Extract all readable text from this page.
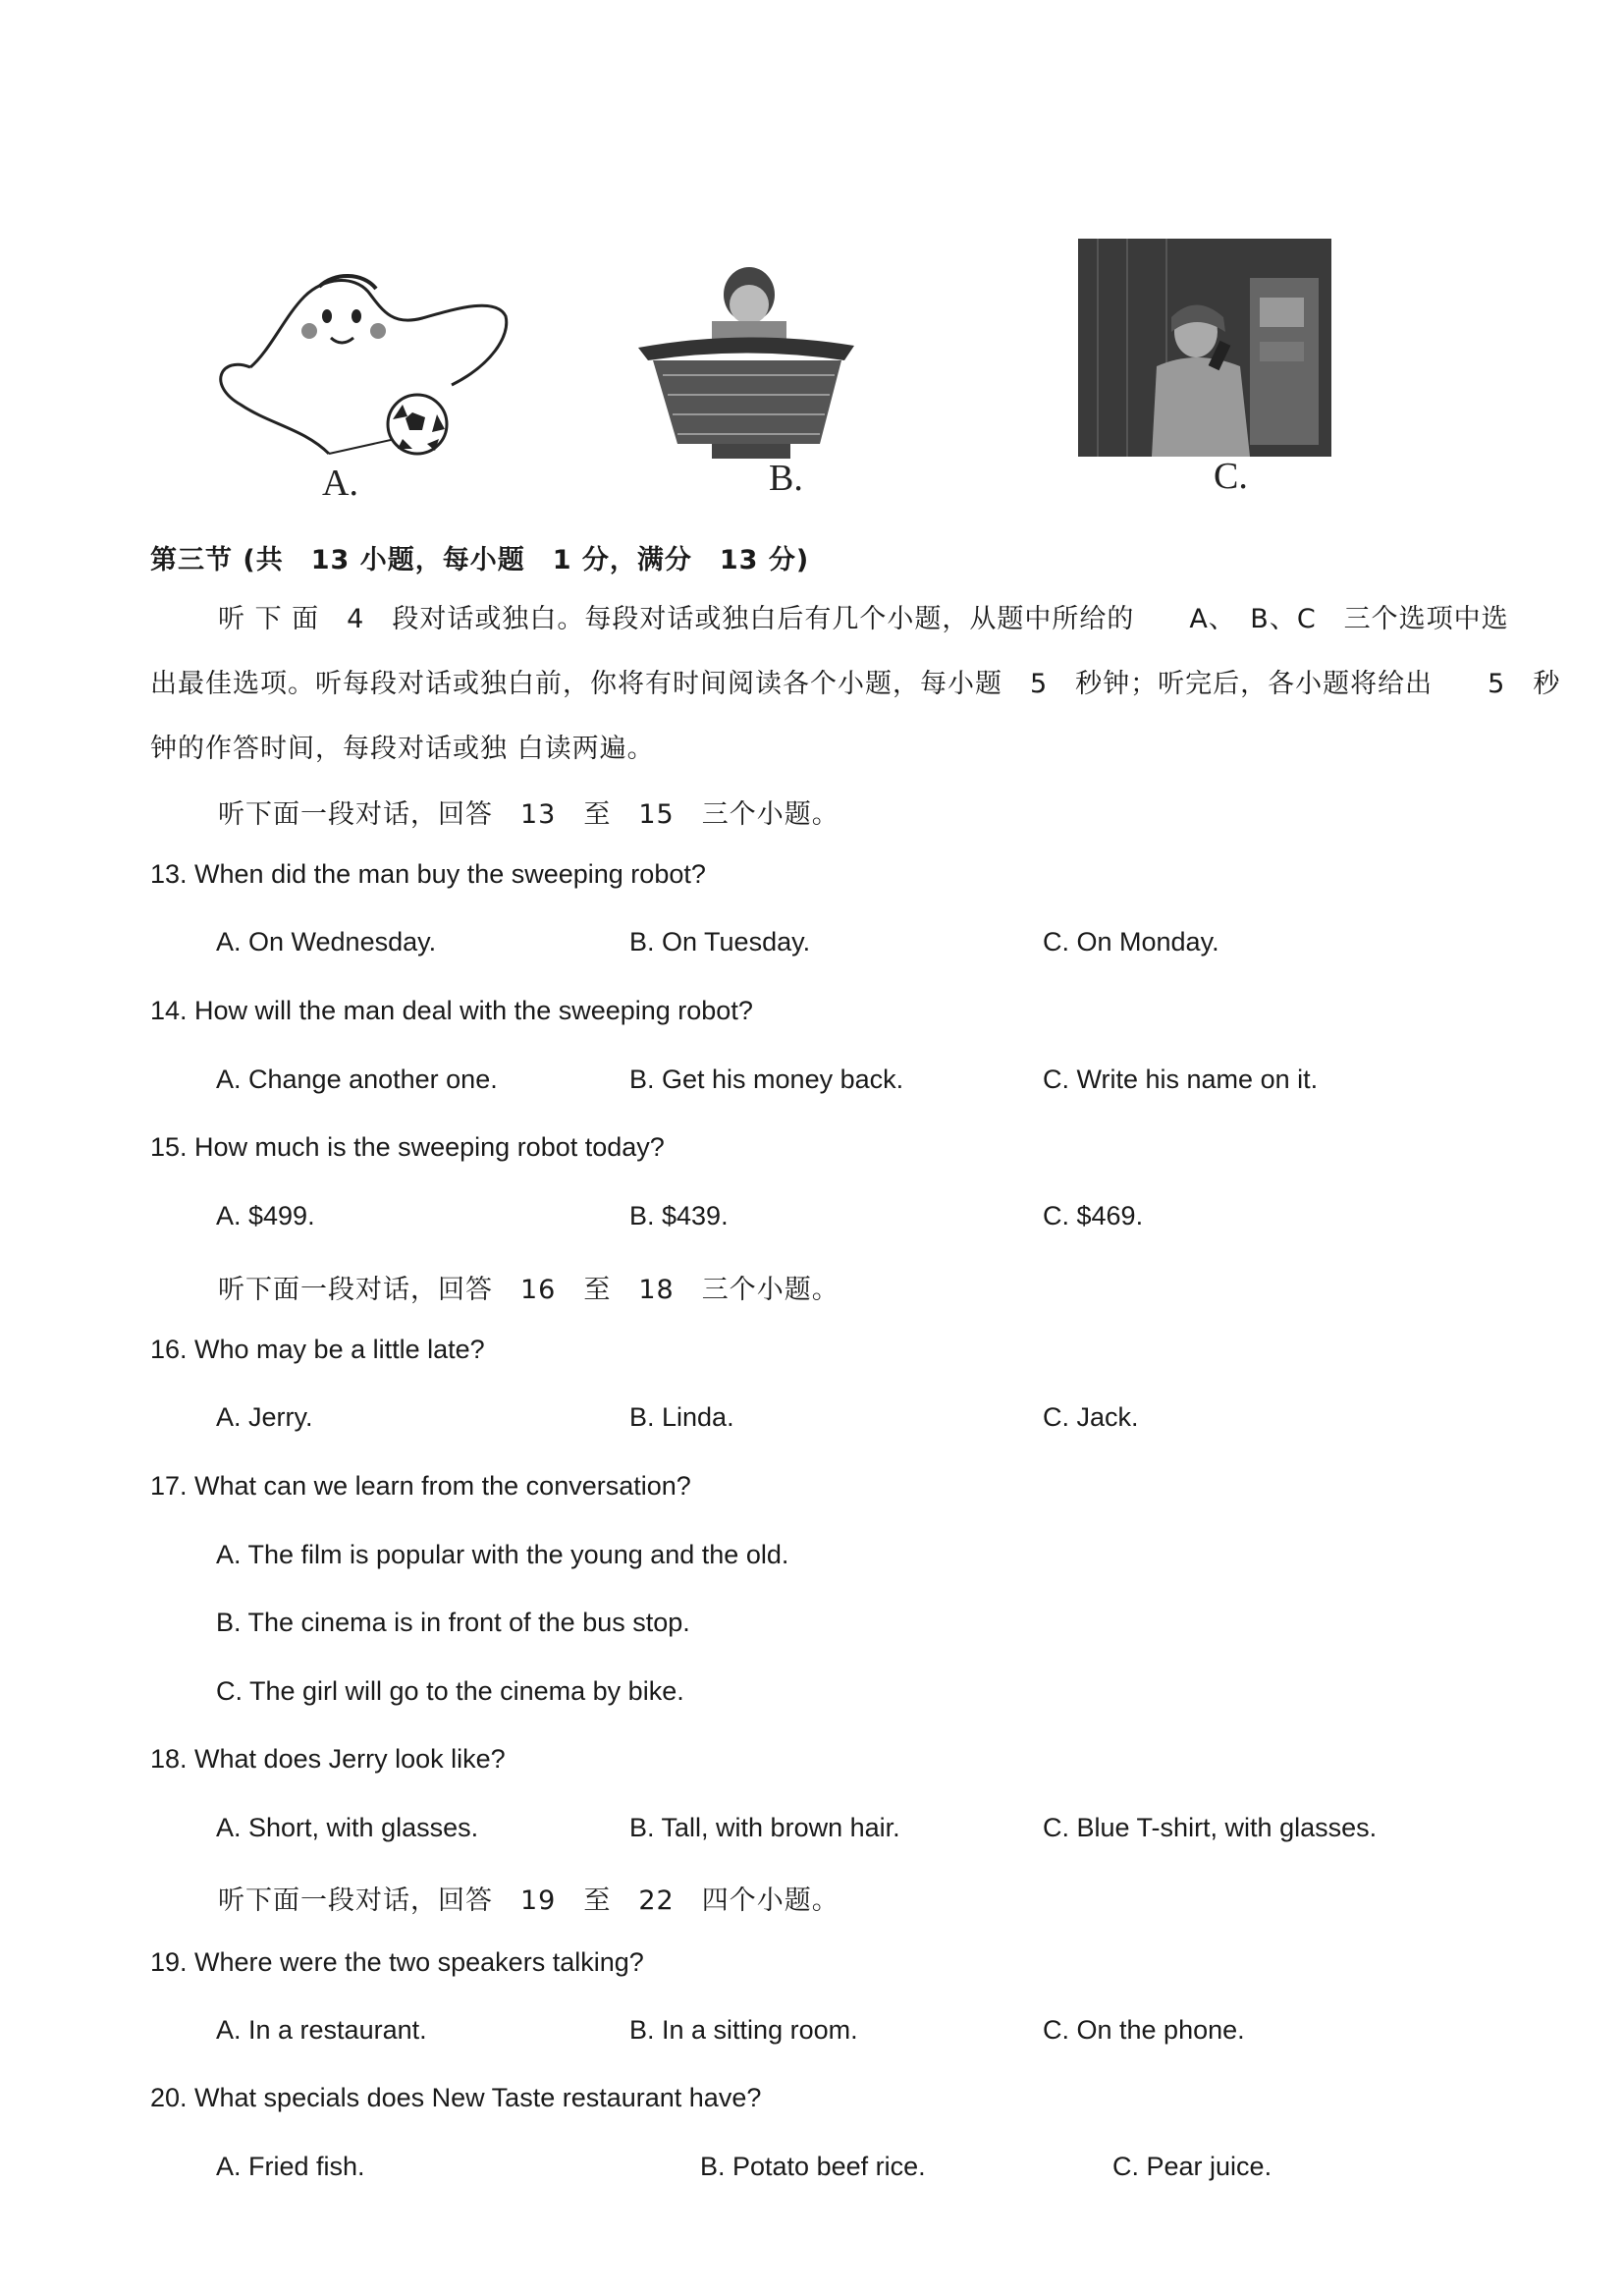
A.	B.	C.
第三节 (共　13 小题，每小题　1 分，满分　13 分)
听 下 面　4　段对话或独白。每段对话或独白后有几个小题，从题中所给的　　A、　B、C　三个选项中选
出最佳选项。听每段对话或独白前，你将有时间阅读各个小题，每小题　5　秒钟；听完后，各小题将给出　　5　秒
钟的作答时间，每段对话或独 白读两遍。
听下面一段对话，回答　13　至　15　三个小题。
13. When did the man buy the sweeping robot?
A. On Wednesday.	B. On Tuesday.	C. On Monday.
14. How will the man deal with the sweeping robot?
A. Change another one.	B. Get his money back.	C. Write his name on it.
15. How much is the sweeping robot today?
A. $499.	B. $439.	C. $469.
听下面一段对话，回答　16　至　18　三个小题。
16. Who may be a little late?
A. Jerry.	B. Linda.	C. Jack.
17. What can we learn from the conversation?
A. The film is popular with the young and the old.
B. The cinema is in front of the bus stop.
C. The girl will go to the cinema by bike.
18. What does Jerry look like?
A. Short, with glasses.	B. Tall, with brown hair.	C. Blue T-shirt, with glasses.
听下面一段对话，回答　19　至　22　四个小题。
19. Where were the two speakers talking?
A. In a restaurant.	B. In a sitting room.	C. On the phone.
20. What specials does New Taste restaurant have?
A. Fried fish.	B. Potato beef rice.	C. Pear juice.
